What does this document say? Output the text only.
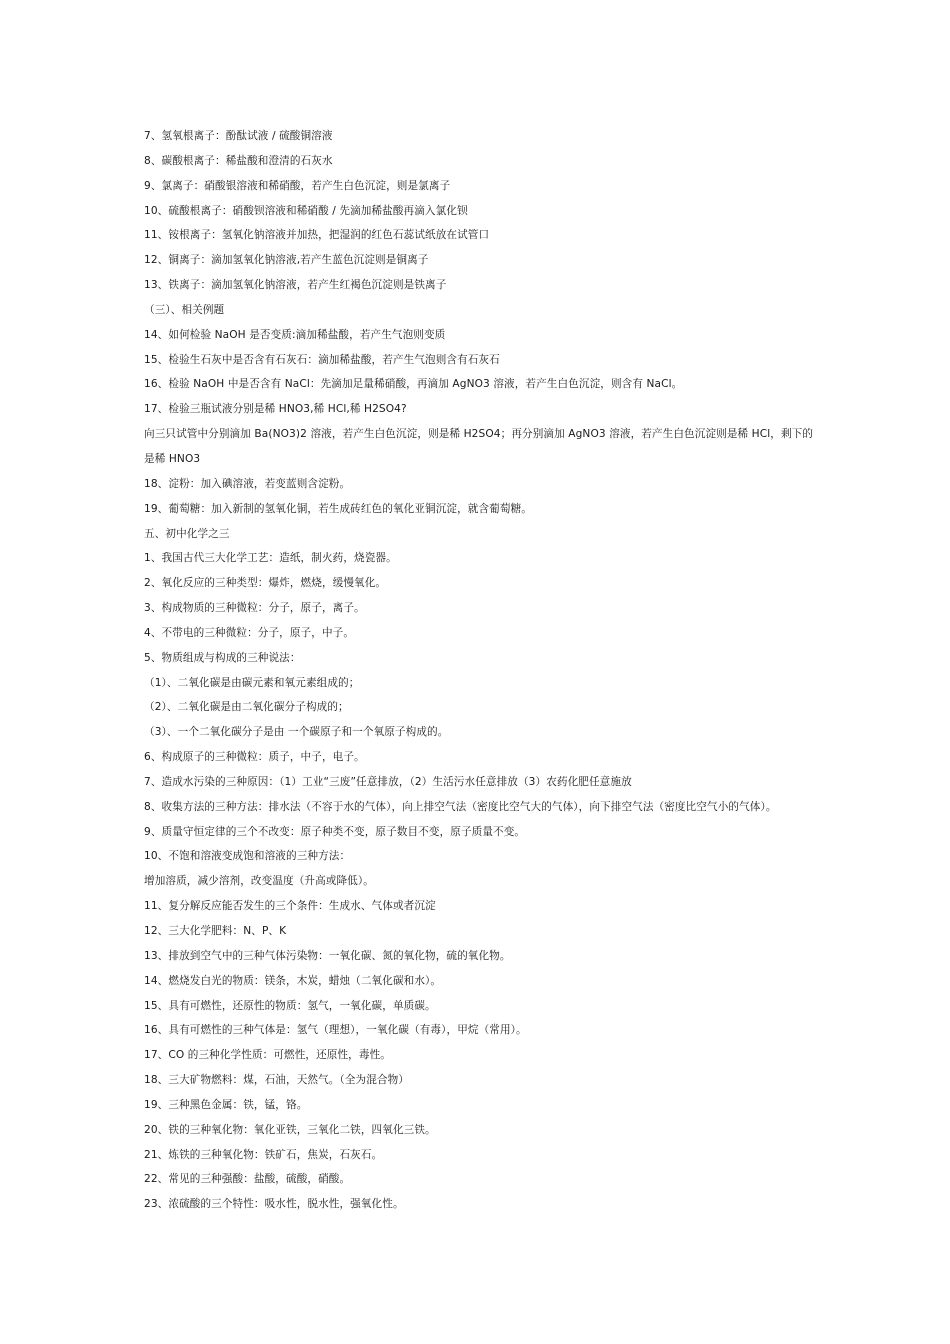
7、氢氧根离子：酚酞试液 / 硫酸铜溶液
8、碳酸根离子：稀盐酸和澄清的石灰水
9、氯离子：硝酸银溶液和稀硝酸，若产生白色沉淀，则是氯离子
10、硫酸根离子：硝酸钡溶液和稀硝酸 / 先滴加稀盐酸再滴入氯化钡
11、铵根离子：氢氧化钠溶液并加热，把湿润的红色石蕊试纸放在试管口
12、铜离子：滴加氢氧化钠溶液,若产生蓝色沉淀则是铜离子
13、铁离子：滴加氢氧化钠溶液，若产生红褐色沉淀则是铁离子
（三）、相关例题
14、如何检验 NaOH 是否变质:滴加稀盐酸，若产生气泡则变质
15、检验生石灰中是否含有石灰石：滴加稀盐酸，若产生气泡则含有石灰石
16、检验 NaOH 中是否含有 NaCl：先滴加足量稀硝酸，再滴加 AgNO3 溶液，若产生白色沉淀，则含有 NaCl。
17、检验三瓶试液分别是稀 HNO3,稀 HCl,稀 H2SO4?
向三只试管中分别滴加 Ba(NO3)2 溶液，若产生白色沉淀，则是稀 H2SO4；再分别滴加 AgNO3 溶液，若产生白色沉淀则是稀 HCl，剩下的
是稀 HNO3
18、淀粉：加入碘溶液，若变蓝则含淀粉。
19、葡萄糖：加入新制的氢氧化铜，若生成砖红色的氧化亚铜沉淀，就含葡萄糖。
五、初中化学之三
1、我国古代三大化学工艺：造纸，制火药，烧瓷器。
2、氧化反应的三种类型：爆炸，燃烧，缓慢氧化。
3、构成物质的三种微粒：分子，原子，离子。
4、不带电的三种微粒：分子，原子，中子。
5、物质组成与构成的三种说法：
（1）、二氧化碳是由碳元素和氧元素组成的；
（2）、二氧化碳是由二氧化碳分子构成的；
（3）、一个二氧化碳分子是由 一个碳原子和一个氧原子构成的。
6、构成原子的三种微粒：质子，中子，电子。
7、造成水污染的三种原因：（1）工业“三废”任意排放，（2）生活污水任意排放（3）农药化肥任意施放
8、收集方法的三种方法：排水法（不容于水的气体），向上排空气法（密度比空气大的气体），向下排空气法（密度比空气小的气体）。
9、质量守恒定律的三个不改变：原子种类不变，原子数目不变，原子质量不变。
10、不饱和溶液变成饱和溶液的三种方法：
增加溶质，减少溶剂，改变温度（升高或降低）。
11、复分解反应能否发生的三个条件：生成水、气体或者沉淀
12、三大化学肥料：N、P、K
13、排放到空气中的三种气体污染物：一氧化碳、氮的氧化物，硫的氧化物。
14、燃烧发白光的物质：镁条，木炭，蜡烛（二氧化碳和水）。
15、具有可燃性，还原性的物质：氢气，一氧化碳，单质碳。
16、具有可燃性的三种气体是：氢气（理想），一氧化碳（有毒），甲烷（常用）。
17、CO 的三种化学性质：可燃性，还原性，毒性。
18、三大矿物燃料：煤，石油，天然气。（全为混合物）
19、三种黑色金属：铁，锰，铬。
20、铁的三种氧化物：氧化亚铁，三氧化二铁，四氧化三铁。
21、炼铁的三种氧化物：铁矿石，焦炭，石灰石。
22、常见的三种强酸：盐酸，硫酸，硝酸。
23、浓硫酸的三个特性：吸水性，脱水性，强氧化性。
